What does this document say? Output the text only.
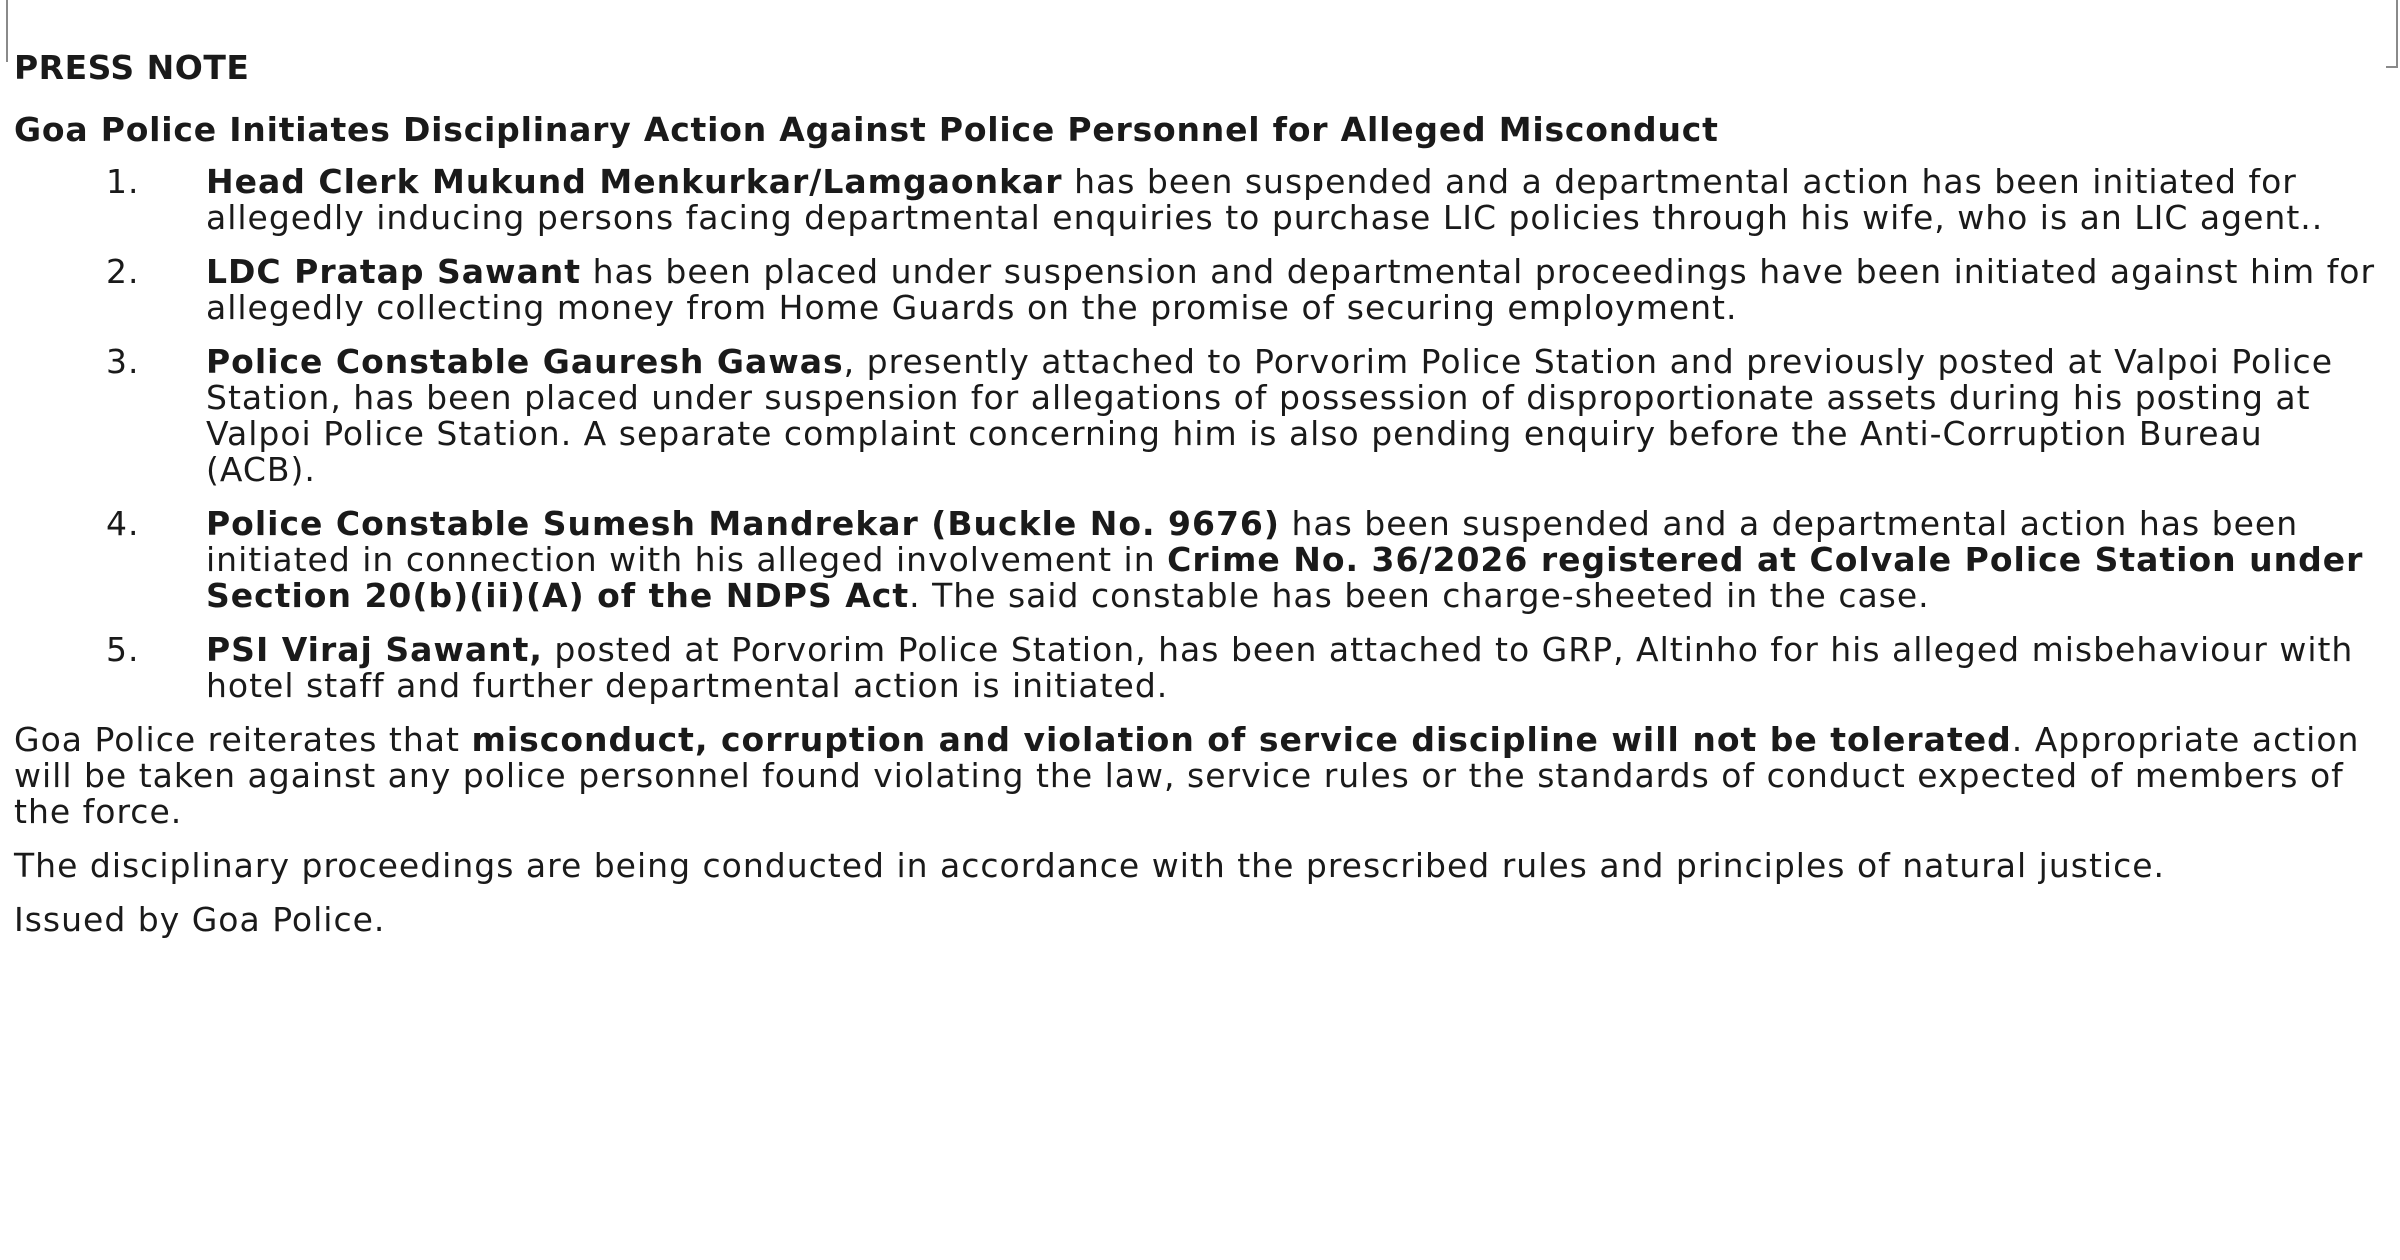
PRESS NOTE
Goa Police Initiates Disciplinary Action Against Police Personnel for Alleged Misconduct
1. Head Clerk Mukund Menkurkar/Lamgaonkar has been suspended and a departmental action has been initiated for allegedly inducing persons facing departmental enquiries to purchase LIC policies through his wife, who is an LIC agent..
2. LDC Pratap Sawant has been placed under suspension and departmental proceedings have been initiated against him for allegedly collecting money from Home Guards on the promise of securing employment.
3. Police Constable Gauresh Gawas, presently attached to Porvorim Police Station and previously posted at Valpoi Police Station, has been placed under suspension for allegations of possession of disproportionate assets during his posting at Valpoi Police Station. A separate complaint concerning him is also pending enquiry before the Anti-Corruption Bureau (ACB).
4. Police Constable Sumesh Mandrekar (Buckle No. 9676) has been suspended and a departmental action has been initiated in connection with his alleged involvement in Crime No. 36/2026 registered at Colvale Police Station under Section 20(b)(ii)(A) of the NDPS Act. The said constable has been charge-sheeted in the case.
5. PSI Viraj Sawant, posted at Porvorim Police Station, has been attached to GRP, Altinho for his alleged misbehaviour with hotel staff and further departmental action is initiated.
Goa Police reiterates that misconduct, corruption and violation of service discipline will not be tolerated. Appropriate action will be taken against any police personnel found violating the law, service rules or the standards of conduct expected of members of the force.
The disciplinary proceedings are being conducted in accordance with the prescribed rules and principles of natural justice.
Issued by Goa Police.
